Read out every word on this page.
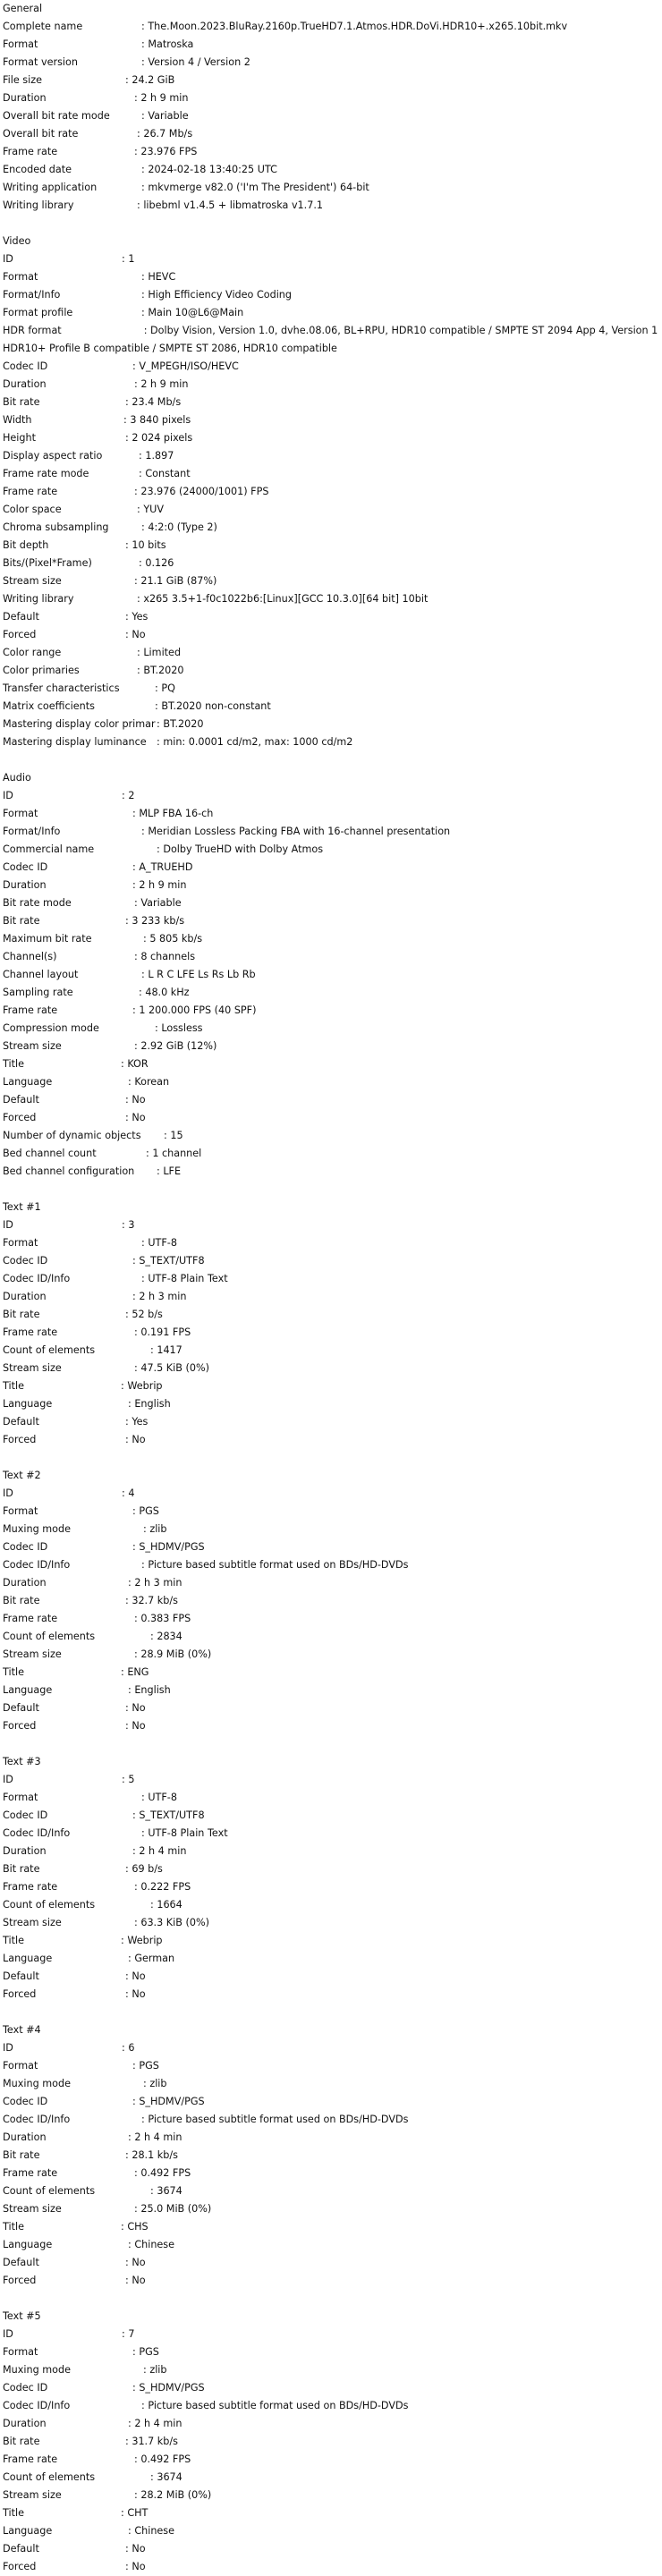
General
Complete name	: The.Moon.2023.BluRay.2160p.TrueHD7.1.Atmos.HDR.DoVi.HDR10+.x265.10bit.mkv
Format	: Matroska
Format version	: Version 4 / Version 2
File size	: 24.2 GiB
Duration	: 2 h 9 min
Overall bit rate mode	: Variable
Overall bit rate	: 26.7 Mb/s
Frame rate	: 23.976 FPS
Encoded date	: 2024-02-18 13:40:25 UTC
Writing application	: mkvmerge v82.0 ('I'm The President') 64-bit
Writing library	: libebml v1.4.5 + libmatroska v1.7.1
Video
ID	: 1
Format	: HEVC
Format/Info	: High Efficiency Video Coding
Format profile	: Main 10@L6@Main
HDR format	: Dolby Vision, Version 1.0, dvhe.08.06, BL+RPU, HDR10 compatible / SMPTE ST 2094 App 4, Version 1 HDR10+ Profile B compatible / SMPTE ST 2086, HDR10 compatible
Codec ID	: V_MPEGH/ISO/HEVC
Duration	: 2 h 9 min
Bit rate	: 23.4 Mb/s
Width	: 3 840 pixels
Height	: 2 024 pixels
Display aspect ratio	: 1.897
Frame rate mode	: Constant
Frame rate	: 23.976 (24000/1001) FPS
Color space	: YUV
Chroma subsampling	: 4:2:0 (Type 2)
Bit depth	: 10 bits
Bits/(Pixel*Frame)	: 0.126
Stream size	: 21.1 GiB (87%)
Writing library	: x265 3.5+1-f0c1022b6:[Linux][GCC 10.3.0][64 bit] 10bit
Default	: Yes
Forced	: No
Color range	: Limited
Color primaries	: BT.2020
Transfer characteristics	: PQ
Matrix coefficients	: BT.2020 non-constant
Mastering display color primar : BT.2020
Mastering display luminance : min: 0.0001 cd/m2, max: 1000 cd/m2
Audio
ID	: 2
Format	: MLP FBA 16-ch
Format/Info	: Meridian Lossless Packing FBA with 16-channel presentation
Commercial name	: Dolby TrueHD with Dolby Atmos
Codec ID	: A_TRUEHD
Duration	: 2 h 9 min
Bit rate mode	: Variable
Bit rate	: 3 233 kb/s
Maximum bit rate	: 5 805 kb/s
Channel(s)	: 8 channels
Channel layout	: L R C LFE Ls Rs Lb Rb
Sampling rate	: 48.0 kHz
Frame rate	: 1 200.000 FPS (40 SPF)
Compression mode	: Lossless
Stream size	: 2.92 GiB (12%)
Title	: KOR
Language	: Korean
Default	: No
Forced	: No
Number of dynamic objects : 15
Bed channel count	: 1 channel
Bed channel configuration : LFE
Text #1
ID	: 3
Format	: UTF-8
Codec ID	: S_TEXT/UTF8
Codec ID/Info	: UTF-8 Plain Text
Duration	: 2 h 3 min
Bit rate	: 52 b/s
Frame rate	: 0.191 FPS
Count of elements	: 1417
Stream size	: 47.5 KiB (0%)
Title	: Webrip
Language	: English
Default	: Yes
Forced	: No
Text #2
ID	: 4
Format	: PGS
Muxing mode	: zlib
Codec ID	: S_HDMV/PGS
Codec ID/Info	: Picture based subtitle format used on BDs/HD-DVDs
Duration	: 2 h 3 min
Bit rate	: 32.7 kb/s
Frame rate	: 0.383 FPS
Count of elements	: 2834
Stream size	: 28.9 MiB (0%)
Title	: ENG
Language	: English
Default	: No
Forced	: No
Text #3
ID	: 5
Format	: UTF-8
Codec ID	: S_TEXT/UTF8
Codec ID/Info	: UTF-8 Plain Text
Duration	: 2 h 4 min
Bit rate	: 69 b/s
Frame rate	: 0.222 FPS
Count of elements	: 1664
Stream size	: 63.3 KiB (0%)
Title	: Webrip
Language	: German
Default	: No
Forced	: No
Text #4
ID	: 6
Format	: PGS
Muxing mode	: zlib
Codec ID	: S_HDMV/PGS
Codec ID/Info	: Picture based subtitle format used on BDs/HD-DVDs
Duration	: 2 h 4 min
Bit rate	: 28.1 kb/s
Frame rate	: 0.492 FPS
Count of elements	: 3674
Stream size	: 25.0 MiB (0%)
Title	: CHS
Language	: Chinese
Default	: No
Forced	: No
Text #5
ID	: 7
Format	: PGS
Muxing mode	: zlib
Codec ID	: S_HDMV/PGS
Codec ID/Info	: Picture based subtitle format used on BDs/HD-DVDs
Duration	: 2 h 4 min
Bit rate	: 31.7 kb/s
Frame rate	: 0.492 FPS
Count of elements	: 3674
Stream size	: 28.2 MiB (0%)
Title	: CHT
Language	: Chinese
Default	: No
Forced	: No
